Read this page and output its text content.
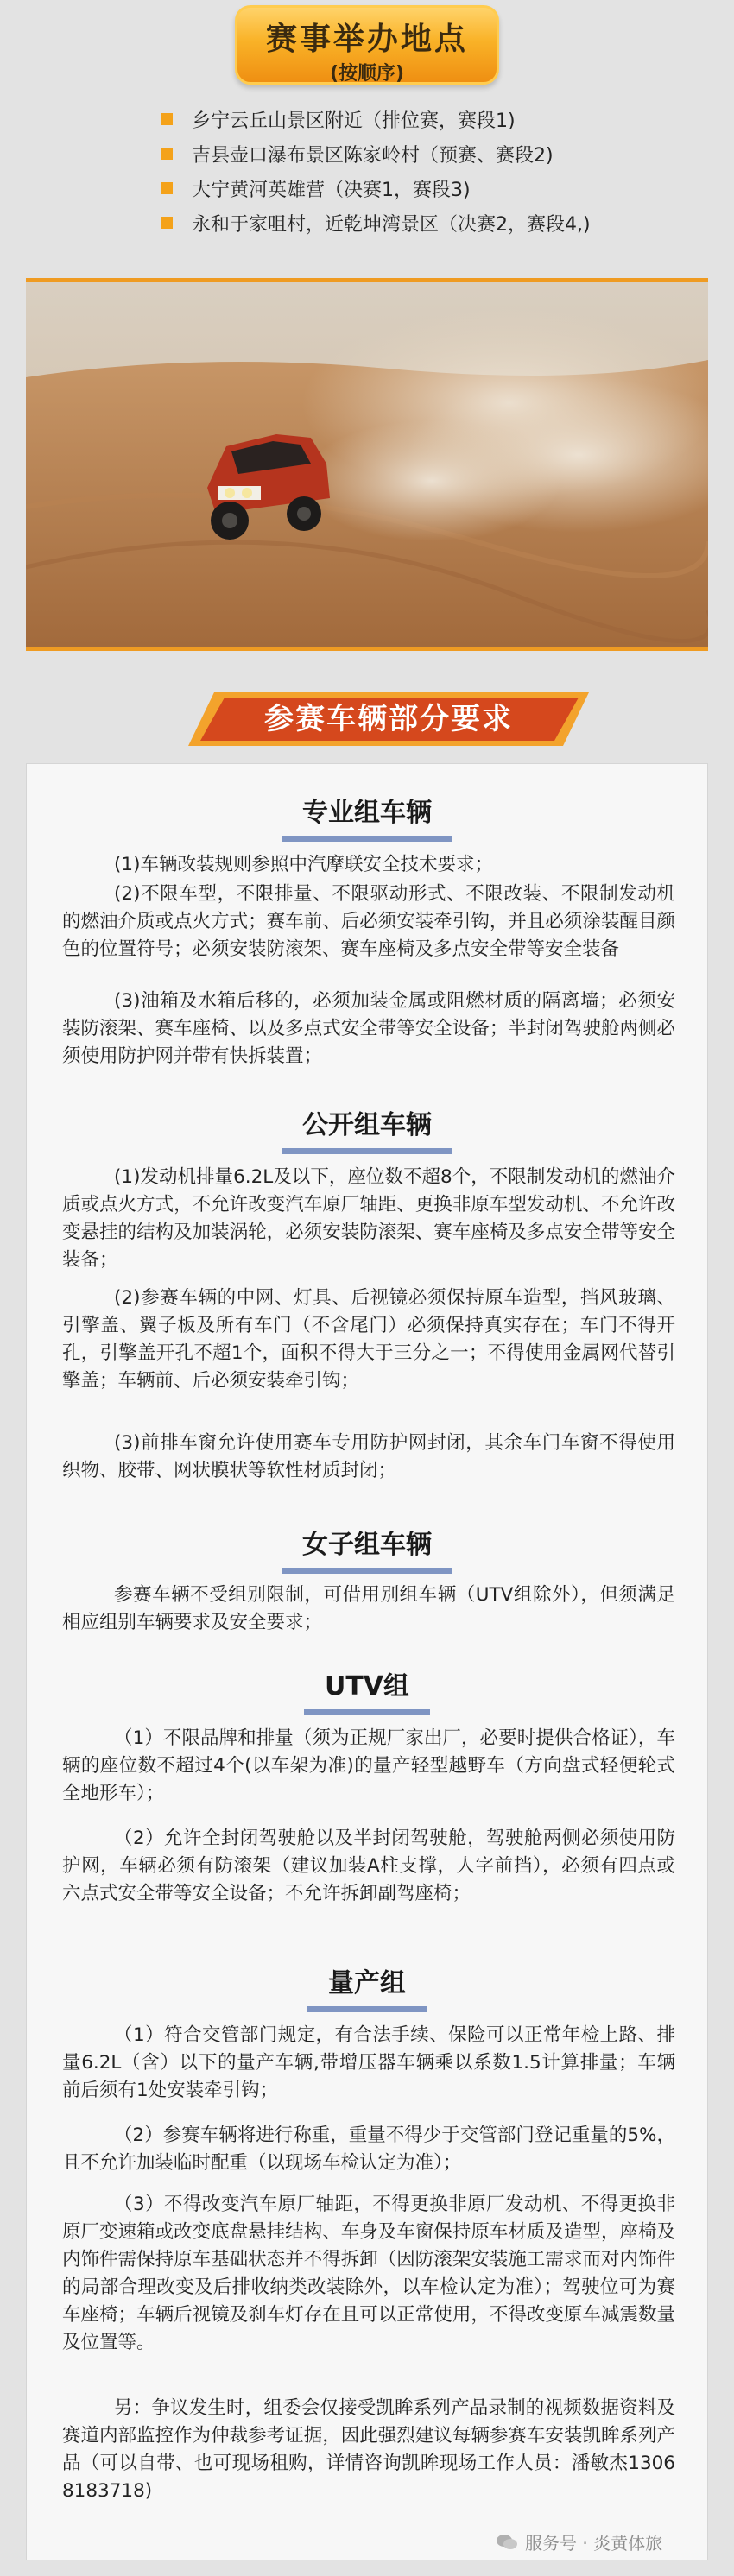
赛事举办地点
(按顺序)
乡宁云丘山景区附近（排位赛，赛段1)
吉县壶口瀑布景区陈家岭村（预赛、赛段2)
大宁黄河英雄营（决赛1，赛段3)
永和于家咀村，近乾坤湾景区（决赛2，赛段4,)
参赛车辆部分要求
专业组车辆
(1)车辆改装规则参照中汽摩联安全技术要求；
(2)不限车型，不限排量、不限驱动形式、不限改装、不限制发动机的燃油介质或点火方式；赛车前、后必须安装牵引钩，并且必须涂装醒目颜色的位置符号；必须安装防滚架、赛车座椅及多点安全带等安全装备
(3)油箱及水箱后移的，必须加装金属或阻燃材质的隔离墙；必须安装防滚架、赛车座椅、以及多点式安全带等安全设备；半封闭驾驶舱两侧必须使用防护网并带有快拆装置；
公开组车辆
(1)发动机排量6.2L及以下，座位数不超8个，不限制发动机的燃油介质或点火方式，不允许改变汽车原厂轴距、更换非原车型发动机、不允许改变悬挂的结构及加装涡轮，必须安装防滚架、赛车座椅及多点安全带等安全装备；
(2)参赛车辆的中网、灯具、后视镜必须保持原车造型，挡风玻璃、引擎盖、翼子板及所有车门（不含尾门）必须保持真实存在；车门不得开孔，引擎盖开孔不超1个，面积不得大于三分之一；不得使用金属网代替引擎盖；车辆前、后必须安装牵引钩；
(3)前排车窗允许使用赛车专用防护网封闭，其余车门车窗不得使用织物、胶带、网状膜状等软性材质封闭；
女子组车辆
参赛车辆不受组别限制，可借用别组车辆（UTV组除外），但须满足相应组别车辆要求及安全要求；
UTV组
（1）不限品牌和排量（须为正规厂家出厂，必要时提供合格证），车辆的座位数不超过4个(以车架为准)的量产轻型越野车（方向盘式轻便轮式全地形车）；
（2）允许全封闭驾驶舱以及半封闭驾驶舱，驾驶舱两侧必须使用防护网，车辆必须有防滚架（建议加装A柱支撑，人字前挡），必须有四点或六点式安全带等安全设备；不允许拆卸副驾座椅；
量产组
（1）符合交管部门规定，有合法手续、保险可以正常年检上路、排量6.2L（含）以下的量产车辆,带增压器车辆乘以系数1.5计算排量；车辆前后须有1处安装牵引钩；
（2）参赛车辆将进行称重，重量不得少于交管部门登记重量的5%，且不允许加装临时配重（以现场车检认定为准）；
（3）不得改变汽车原厂轴距，不得更换非原厂发动机、不得更换非原厂变速箱或改变底盘悬挂结构、车身及车窗保持原车材质及造型，座椅及内饰件需保持原车基础状态并不得拆卸（因防滚架安装施工需求而对内饰件的局部合理改变及后排收纳类改装除外，以车检认定为准）；驾驶位可为赛车座椅；车辆后视镜及刹车灯存在且可以正常使用，不得改变原车减震数量及位置等。
另：争议发生时，组委会仅接受凯眸系列产品录制的视频数据资料及赛道内部监控作为仲裁参考证据，因此强烈建议每辆参赛车安装凯眸系列产品（可以自带、也可现场租购，详情咨询凯眸现场工作人员：潘敏杰13068183718)
服务号 · 炎黄体旅
